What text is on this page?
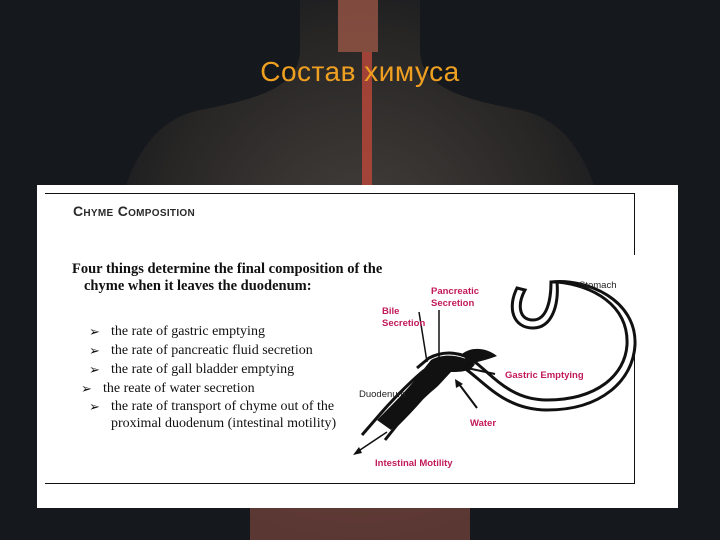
Состав химуса
Chyme Composition
Four things determine the final composition of the chyme when it leaves the duodenum:
➢ the rate of gastric emptying
➢ the rate of pancreatic fluid secretion
➢ the rate of gall bladder emptying
➢ the reate of water secretion
➢ the rate of transport of chyme out of the proximal duodenum (intestinal motility)
Stomach
Pancreatic
Secretion
Bile
Secretion
Gastric Emptying
Duodenum
Water
Intestinal Motility
